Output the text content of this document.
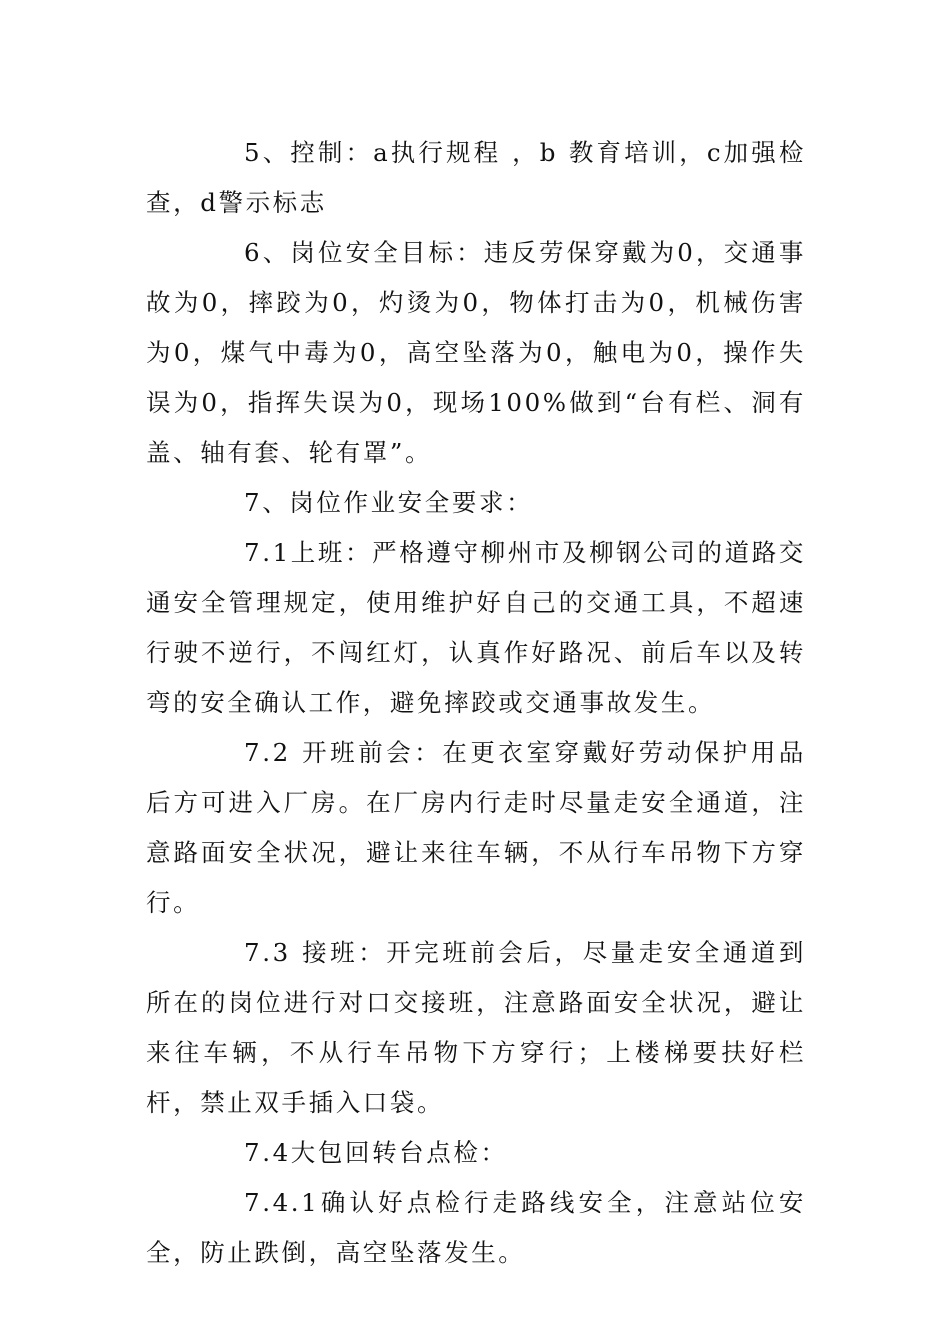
5、控制：a执行规程 ，b 教育培训，c加强检查，d警示标志

6、岗位安全目标：违反劳保穿戴为0，交通事故为0，摔跤为0，灼烫为0，物体打击为0，机械伤害为0，煤气中毒为0，高空坠落为0，触电为0，操作失误为0，指挥失误为0，现场100%做到“台有栏、洞有盖、轴有套、轮有罩”。

7、岗位作业安全要求：

7.1上班：严格遵守柳州市及柳钢公司的道路交通安全管理规定，使用维护好自己的交通工具，不超速行驶不逆行，不闯红灯，认真作好路况、前后车以及转弯的安全确认工作，避免摔跤或交通事故发生。

7.2 开班前会：在更衣室穿戴好劳动保护用品后方可进入厂房。在厂房内行走时尽量走安全通道，注意路面安全状况，避让来往车辆，不从行车吊物下方穿行。

7.3 接班：开完班前会后，尽量走安全通道到所在的岗位进行对口交接班，注意路面安全状况，避让来往车辆，不从行车吊物下方穿行；上楼梯要扶好栏杆，禁止双手插入口袋。

7.4大包回转台点检：

7.4.1确认好点检行走路线安全，注意站位安全，防止跌倒，高空坠落发生。
